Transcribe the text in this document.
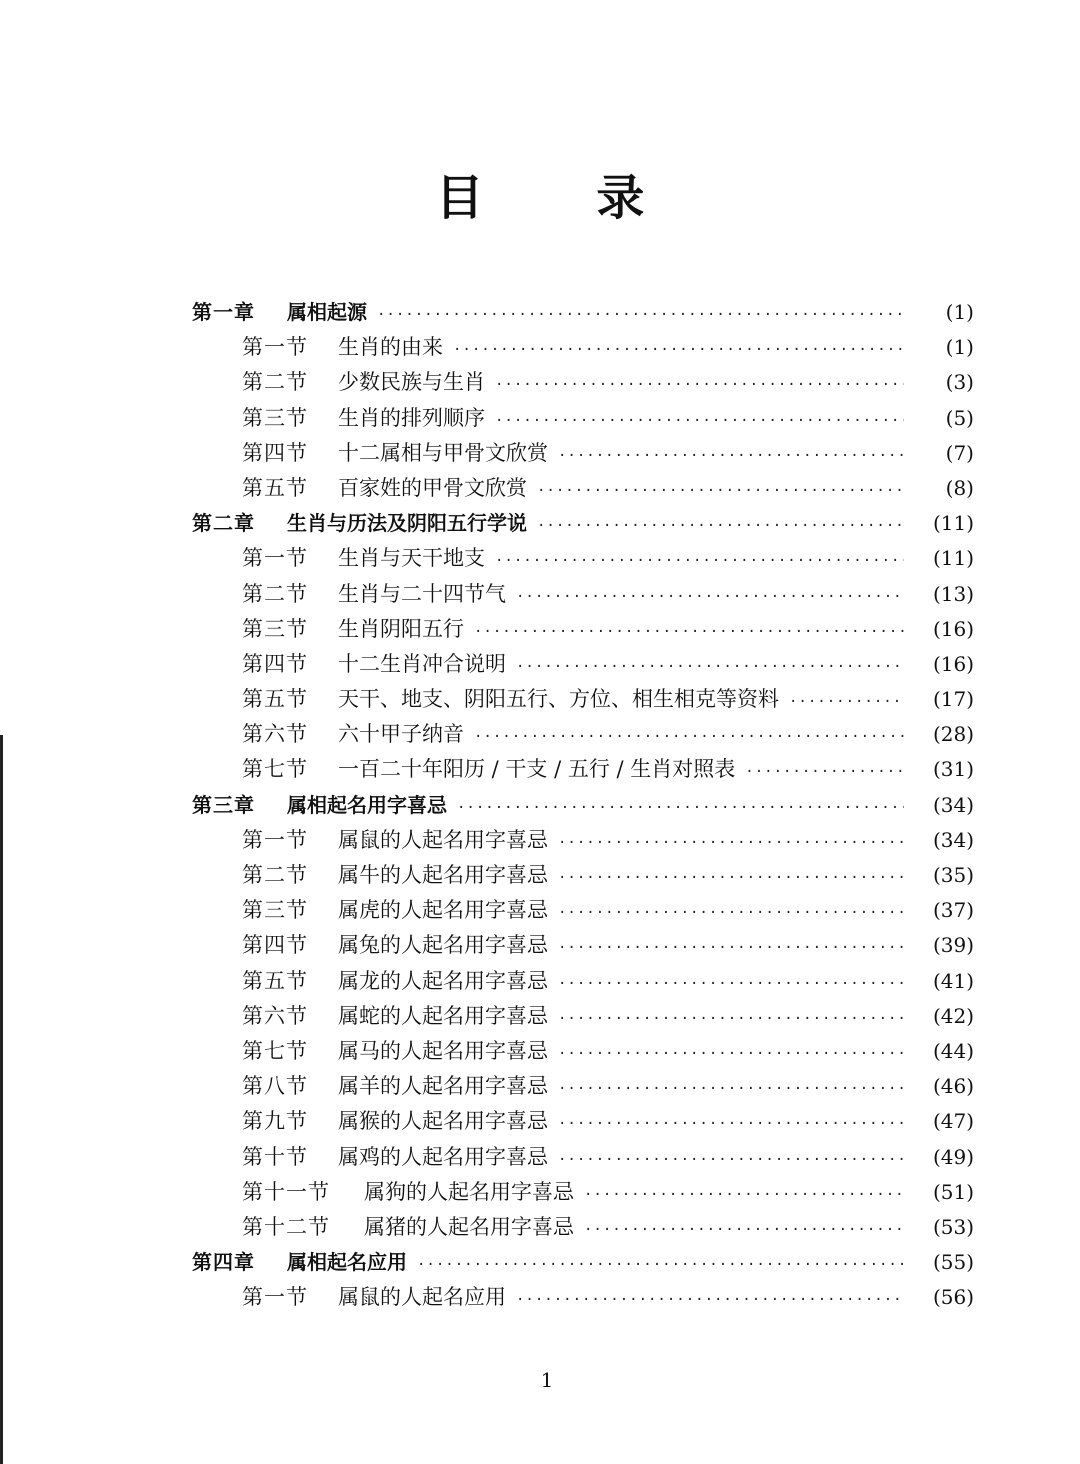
目 录
第一章	属相起源 ·····	(1)
第一节	生肖的由来 ·····	(1)
第二节	少数民族与生肖 ·····	(3)
第三节	生肖的排列顺序 ·····	(5)
第四节	十二属相与甲骨文欣赏 ·····	(7)
第五节	百家姓的甲骨文欣赏 ·····	(8)
第二章	生肖与历法及阴阳五行学说 ·····	(11)
第一节	生肖与天干地支 ·····	(11)
第二节	生肖与二十四节气 ·····	(13)
第三节	生肖阴阳五行 ·····	(16)
第四节	十二生肖冲合说明 ·····	(16)
第五节	天干、地支、阴阳五行、方位、相生相克等资料 ·····	(17)
第六节	六十甲子纳音 ·····	(28)
第七节	一百二十年阳历 / 干支 / 五行 / 生肖对照表 ·····	(31)
第三章	属相起名用字喜忌 ·····	(34)
第一节	属鼠的人起名用字喜忌 ·····	(34)
第二节	属牛的人起名用字喜忌 ·····	(35)
第三节	属虎的人起名用字喜忌 ·····	(37)
第四节	属兔的人起名用字喜忌 ·····	(39)
第五节	属龙的人起名用字喜忌 ·····	(41)
第六节	属蛇的人起名用字喜忌 ·····	(42)
第七节	属马的人起名用字喜忌 ·····	(44)
第八节	属羊的人起名用字喜忌 ·····	(46)
第九节	属猴的人起名用字喜忌 ·····	(47)
第十节	属鸡的人起名用字喜忌 ·····	(49)
第十一节	属狗的人起名用字喜忌 ·····	(51)
第十二节	属猪的人起名用字喜忌 ·····	(53)
第四章	属相起名应用 ·····	(55)
第一节	属鼠的人起名应用 ·····	(56)
1
